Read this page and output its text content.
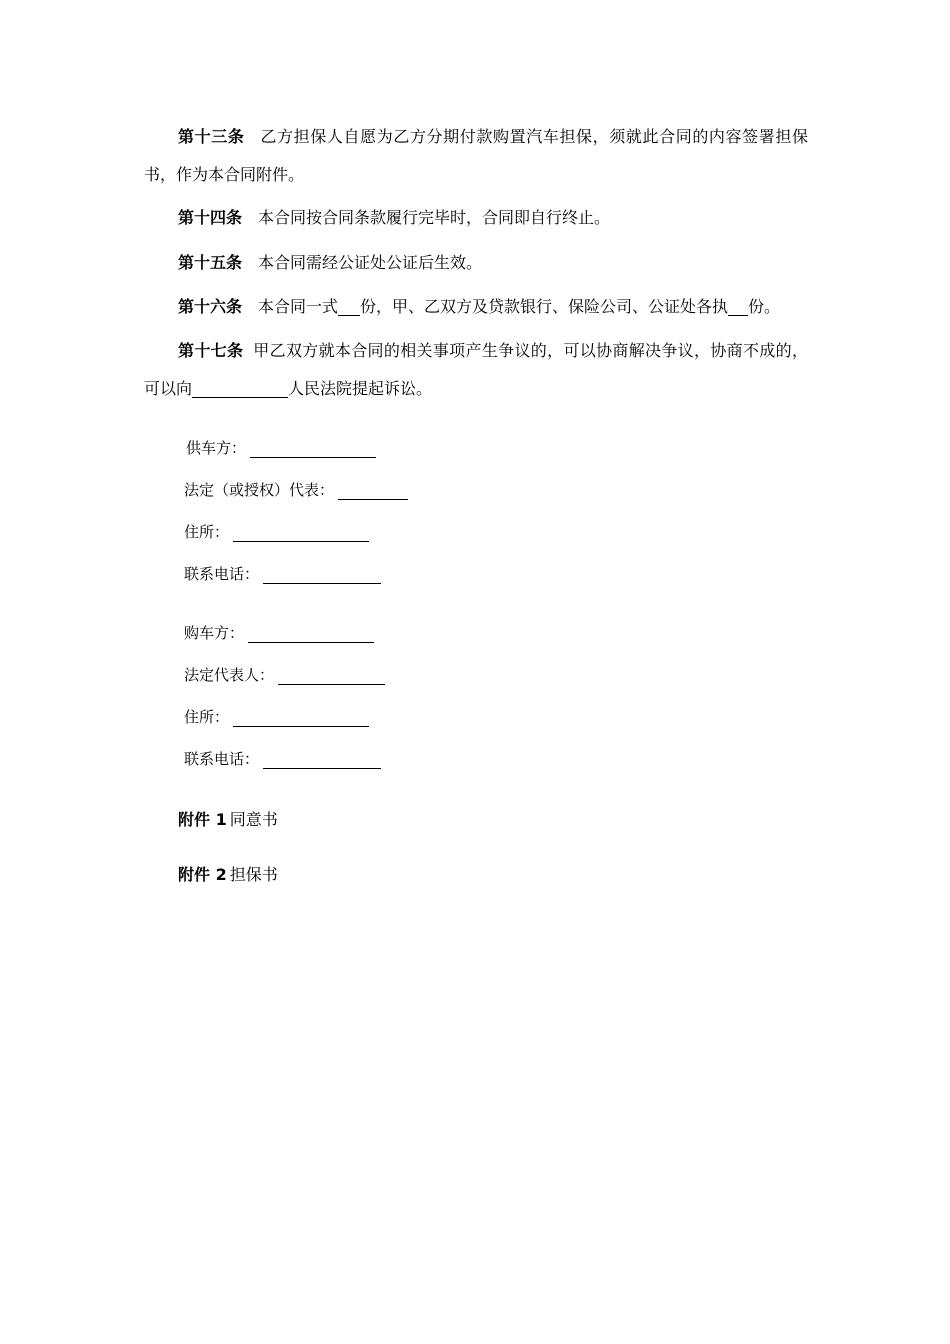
第十三条 乙方担保人自愿为乙方分期付款购置汽车担保，须就此合同的内容签署担保书，作为本合同附件。

第十四条 本合同按合同条款履行完毕时，合同即自行终止。

第十五条 本合同需经公证处公证后生效。

第十六条 本合同一式 份，甲、乙双方及贷款银行、保险公司、公证处各执 份。

第十七条 甲乙双方就本合同的相关事项产生争议的，可以协商解决争议，协商不成的，可以向	人民法院提起诉讼。

供车方：
法定（或授权）代表：
住所：
联系电话：
购车方：
法定代表人：
住所：
联系电话：
附件 1 同意书
附件 2 担保书
